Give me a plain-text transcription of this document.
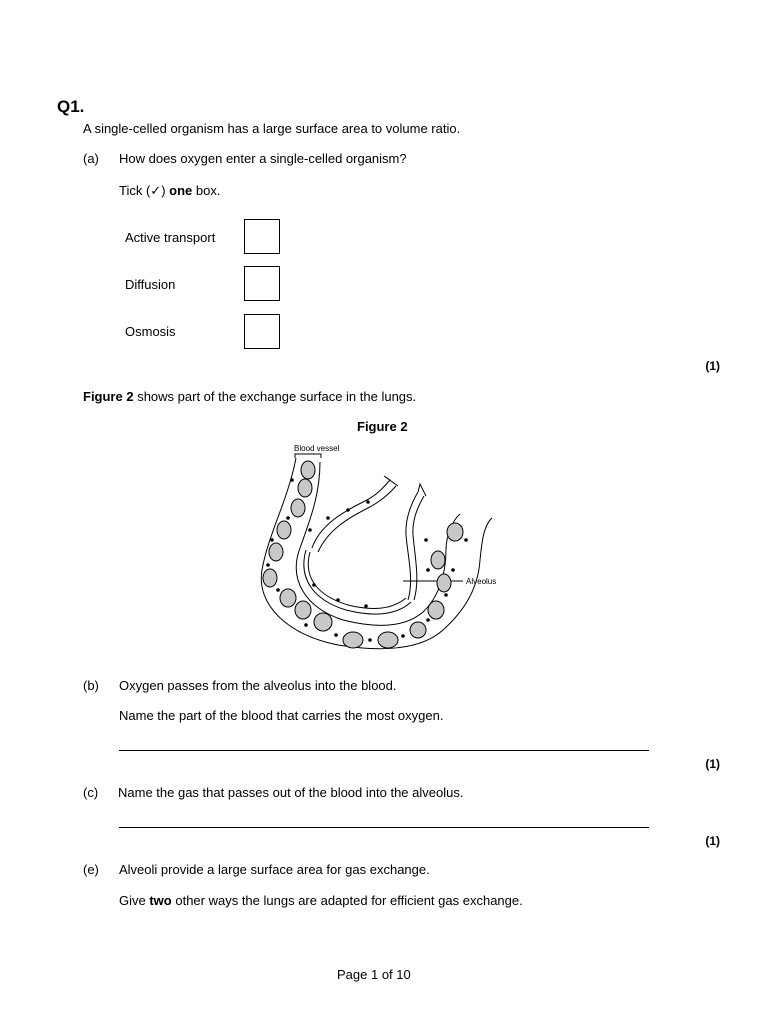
Q1.
A single-celled organism has a large surface area to volume ratio.
(a) How does oxygen enter a single-celled organism?
Tick (✓) one box.
Active transport
Diffusion
Osmosis
(1)
Figure 2 shows part of the exchange surface in the lungs.
Figure 2
Blood vessel
Alveolus
(b) Oxygen passes from the alveolus into the blood.
Name the part of the blood that carries the most oxygen.
(1)
(c) Name the gas that passes out of the blood into the alveolus.
(1)
(e) Alveoli provide a large surface area for gas exchange.
Give two other ways the lungs are adapted for efficient gas exchange.
Page 1 of 10
